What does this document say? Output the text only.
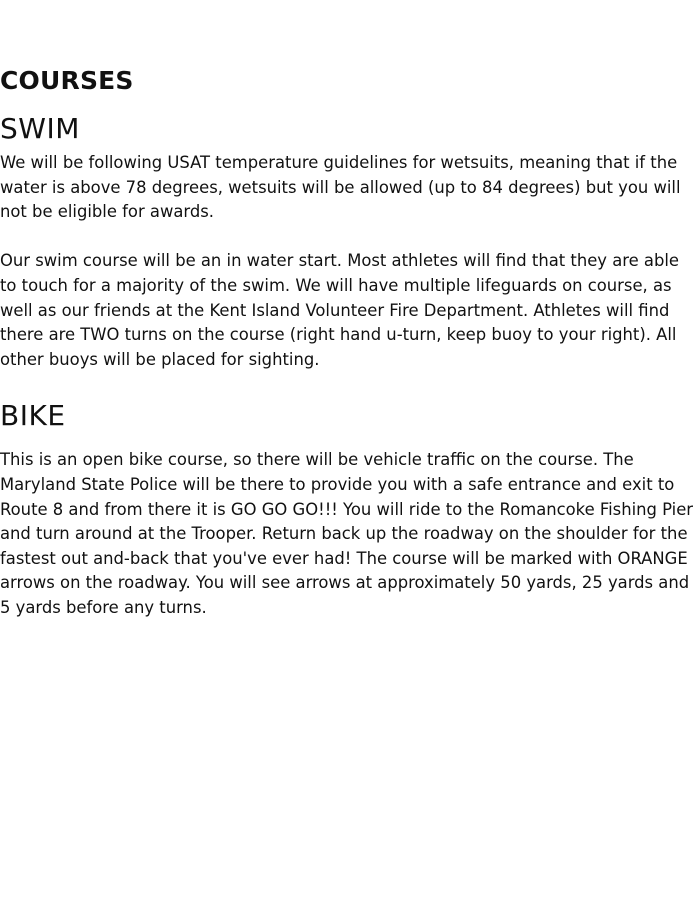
COURSES
SWIM

We will be following USAT temperature guidelines for wetsuits, meaning that if the water is above 78 degrees, wetsuits will be allowed (up to 84 degrees) but you will not be eligible for awards.

Our swim course will be an in water start. Most athletes will find that they are able to touch for a majority of the swim. We will have multiple lifeguards on course, as well as our friends at the Kent Island Volunteer Fire Department. Athletes will find there are TWO turns on the course (right hand u-turn, keep buoy to your right). All other buoys will be placed for sighting.

BIKE

This is an open bike course, so there will be vehicle traffic on the course. The Maryland State Police will be there to provide you with a safe entrance and exit to Route 8 and from there it is GO GO GO!!! You will ride to the Romancoke Fishing Pier and turn around at the Trooper. Return back up the roadway on the shoulder for the fastest out and-back that you've ever had! The course will be marked with ORANGE arrows on the roadway. You will see arrows at approximately 50 yards, 25 yards and 5 yards before any turns.
